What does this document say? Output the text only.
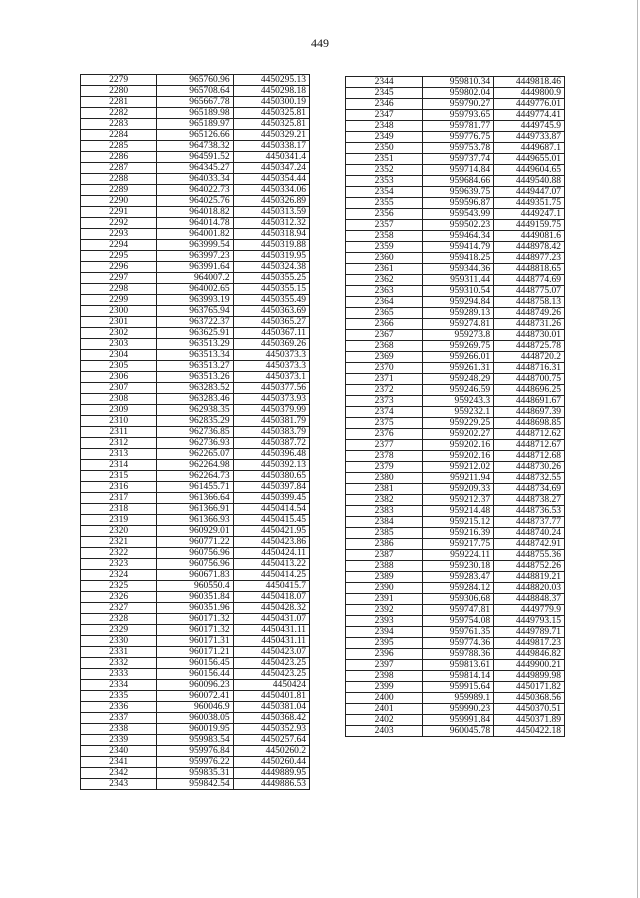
449
2279	965760.96	4450295.13
2280	965708.64	4450298.18
2281	965667.78	4450300.19
2282	965189.98	4450325.81
2283	965189.97	4450325.81
2284	965126.66	4450329.21
2285	964738.32	4450338.17
2286	964591.52	4450341.4
2287	964345.27	4450347.24
2288	964033.34	4450354.44
2289	964022.73	4450334.06
2290	964025.76	4450326.89
2291	964018.82	4450313.59
2292	964014.78	4450312.32
2293	964001.82	4450318.94
2294	963999.54	4450319.88
2295	963997.23	4450319.95
2296	963991.64	4450324.38
2297	964007.2	4450355.25
2298	964002.65	4450355.15
2299	963993.19	4450355.49
2300	963765.94	4450363.69
2301	963722.37	4450365.27
2302	963625.91	4450367.11
2303	963513.29	4450369.26
2304	963513.34	4450373.3
2305	963513.27	4450373.3
2306	963513.26	4450373.1
2307	963283.52	4450377.56
2308	963283.46	4450373.93
2309	962938.35	4450379.99
2310	962835.29	4450381.79
2311	962736.85	4450383.79
2312	962736.93	4450387.72
2313	962265.07	4450396.48
2314	962264.98	4450392.13
2315	962264.73	4450380.65
2316	961455.71	4450397.84
2317	961366.64	4450399.45
2318	961366.91	4450414.54
2319	961366.93	4450415.45
2320	960929.01	4450421.95
2321	960771.22	4450423.86
2322	960756.96	4450424.11
2323	960756.96	4450413.22
2324	960671.83	4450414.25
2325	960550.4	4450415.7
2326	960351.84	4450418.07
2327	960351.96	4450428.32
2328	960171.32	4450431.07
2329	960171.32	4450431.11
2330	960171.31	4450431.11
2331	960171.21	4450423.07
2332	960156.45	4450423.25
2333	960156.44	4450423.25
2334	960096.23	4450424
2335	960072.41	4450401.81
2336	960046.9	4450381.04
2337	960038.05	4450368.42
2338	960019.95	4450352.93
2339	959983.54	4450257.64
2340	959976.84	4450260.2
2341	959976.22	4450260.44
2342	959835.31	4449889.95
2343	959842.54	4449886.53
2344	959810.34	4449818.46
2345	959802.04	4449800.9
2346	959790.27	4449776.01
2347	959793.65	4449774.41
2348	959781.77	4449745.9
2349	959776.75	4449733.87
2350	959753.78	4449687.1
2351	959737.74	4449655.01
2352	959714.84	4449604.65
2353	959684.66	4449540.88
2354	959639.75	4449447.07
2355	959596.87	4449351.75
2356	959543.99	4449247.1
2357	959502.23	4449159.75
2358	959464.34	4449081.6
2359	959414.79	4448978.42
2360	959418.25	4448977.23
2361	959344.36	4448818.65
2362	959311.44	4448774.69
2363	959310.54	4448775.07
2364	959294.84	4448758.13
2365	959289.13	4448749.26
2366	959274.81	4448731.26
2367	959273.8	4448730.01
2368	959269.75	4448725.78
2369	959266.01	4448720.2
2370	959261.31	4448716.31
2371	959248.29	4448700.75
2372	959246.59	4448696.25
2373	959243.3	4448691.67
2374	959232.1	4448697.39
2375	959229.25	4448698.85
2376	959202.27	4448712.62
2377	959202.16	4448712.67
2378	959202.16	4448712.68
2379	959212.02	4448730.26
2380	959211.94	4448732.55
2381	959209.33	4448734.69
2382	959212.37	4448738.27
2383	959214.48	4448736.53
2384	959215.12	4448737.77
2385	959216.39	4448740.24
2386	959217.75	4448742.91
2387	959224.11	4448755.36
2388	959230.18	4448752.26
2389	959283.47	4448819.21
2390	959284.12	4448820.03
2391	959306.68	4448848.37
2392	959747.81	4449779.9
2393	959754.08	4449793.15
2394	959761.35	4449789.71
2395	959774.36	4449817.23
2396	959788.36	4449846.82
2397	959813.61	4449900.21
2398	959814.14	4449899.98
2399	959915.64	4450171.82
2400	959989.1	4450368.56
2401	959990.23	4450370.51
2402	959991.84	4450371.89
2403	960045.78	4450422.18
